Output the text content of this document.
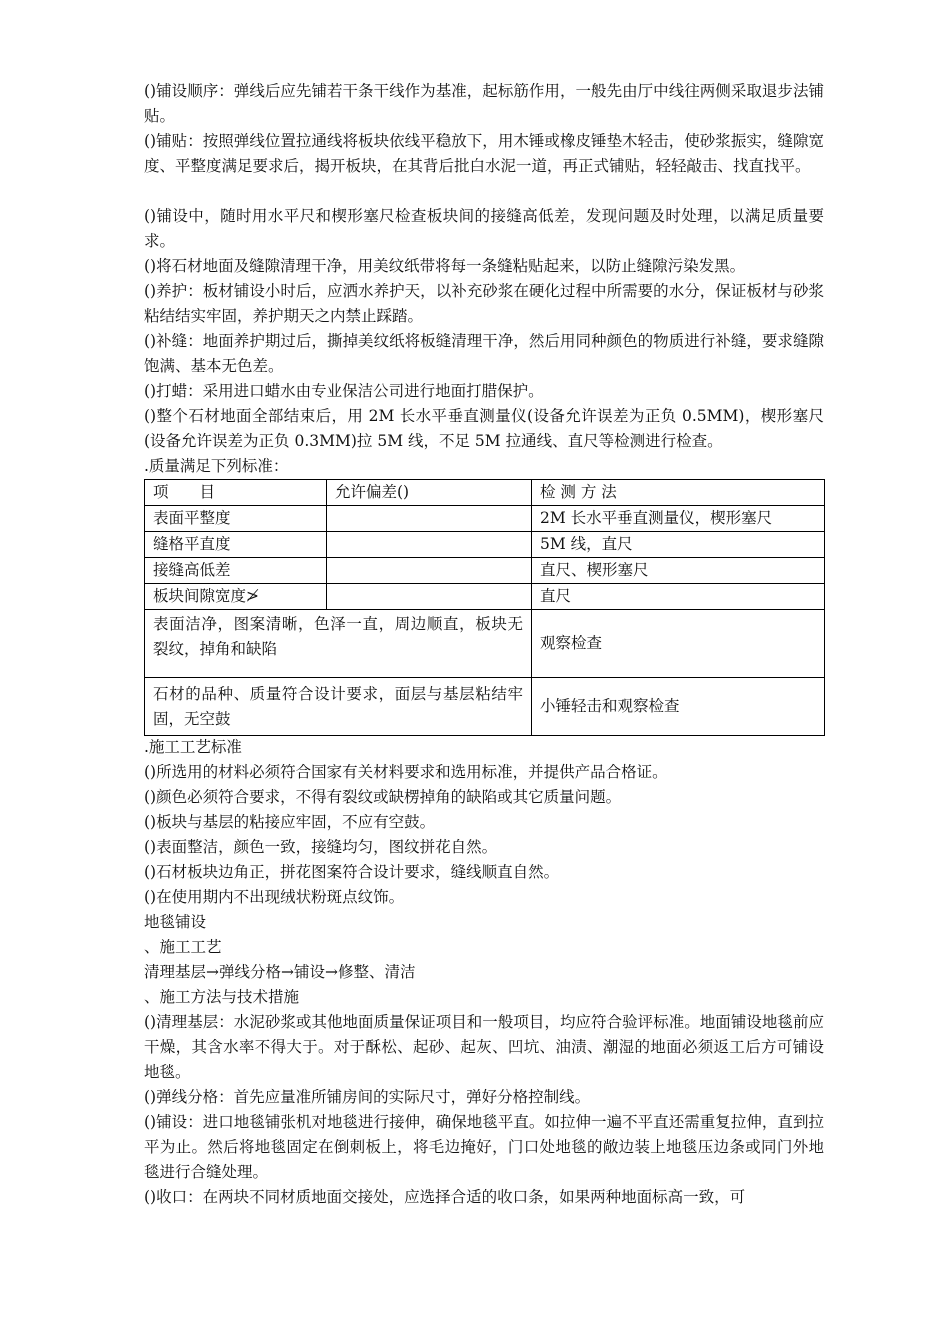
()铺设顺序：弹线后应先铺若干条干线作为基准，起标筋作用，一般先由厅中线往两侧采取退步法铺贴。
()铺贴：按照弹线位置拉通线将板块依线平稳放下，用木锤或橡皮锤垫木轻击，使砂浆振实，缝隙宽度、平整度满足要求后，揭开板块，在其背后批白水泥一道，再正式铺贴，轻轻敲击、找直找平。
()铺设中，随时用水平尺和楔形塞尺检查板块间的接缝高低差，发现问题及时处理，以满足质量要求。
()将石材地面及缝隙清理干净，用美纹纸带将每一条缝粘贴起来，以防止缝隙污染发黑。
()养护：板材铺设小时后，应洒水养护天，以补充砂浆在硬化过程中所需要的水分，保证板材与砂浆粘结结实牢固，养护期天之内禁止踩踏。
()补缝：地面养护期过后，撕掉美纹纸将板缝清理干净，然后用同种颜色的物质进行补缝，要求缝隙饱满、基本无色差。
()打蜡：采用进口蜡水由专业保洁公司进行地面打腊保护。
()整个石材地面全部结束后，用 2M 长水平垂直测量仪(设备允许误差为正负 0.5MM)，楔形塞尺(设备允许误差为正负 0.3MM)拉 5M 线，不足 5M 拉通线、直尺等检测进行检查。
.质量满足下列标准：
项　　目	允许偏差()	检 测 方 法
表面平整度		2M 长水平垂直测量仪，楔形塞尺
缝格平直度		5M 线，直尺
接缝高低差		直尺、楔形塞尺
板块间隙宽度≯		直尺
表面洁净，图案清晰，色泽一直，周边顺直，板块无裂纹，掉角和缺陷		观察检查
石材的品种、质量符合设计要求，面层与基层粘结牢固，无空鼓		小锤轻击和观察检查
.施工工艺标准
()所选用的材料必须符合国家有关材料要求和选用标准，并提供产品合格证。
()颜色必须符合要求，不得有裂纹或缺楞掉角的缺陷或其它质量问题。
()板块与基层的粘接应牢固，不应有空鼓。
()表面整洁，颜色一致，接缝均匀，图纹拼花自然。
()石材板块边角正，拼花图案符合设计要求，缝线顺直自然。
()在使用期内不出现绒状粉斑点纹饰。
地毯铺设
、施工工艺
清理基层→弹线分格→铺设→修整、清洁
、施工方法与技术措施
()清理基层：水泥砂浆或其他地面质量保证项目和一般项目，均应符合验评标准。地面铺设地毯前应干燥，其含水率不得大于。对于酥松、起砂、起灰、凹坑、油渍、潮湿的地面必须返工后方可铺设地毯。
()弹线分格：首先应量准所铺房间的实际尺寸，弹好分格控制线。
()铺设：进口地毯铺张机对地毯进行接伸，确保地毯平直。如拉伸一遍不平直还需重复拉伸，直到拉平为止。然后将地毯固定在倒刺板上，将毛边掩好，门口处地毯的敞边装上地毯压边条或同门外地毯进行合缝处理。
()收口：在两块不同材质地面交接处，应选择合适的收口条，如果两种地面标高一致，可
